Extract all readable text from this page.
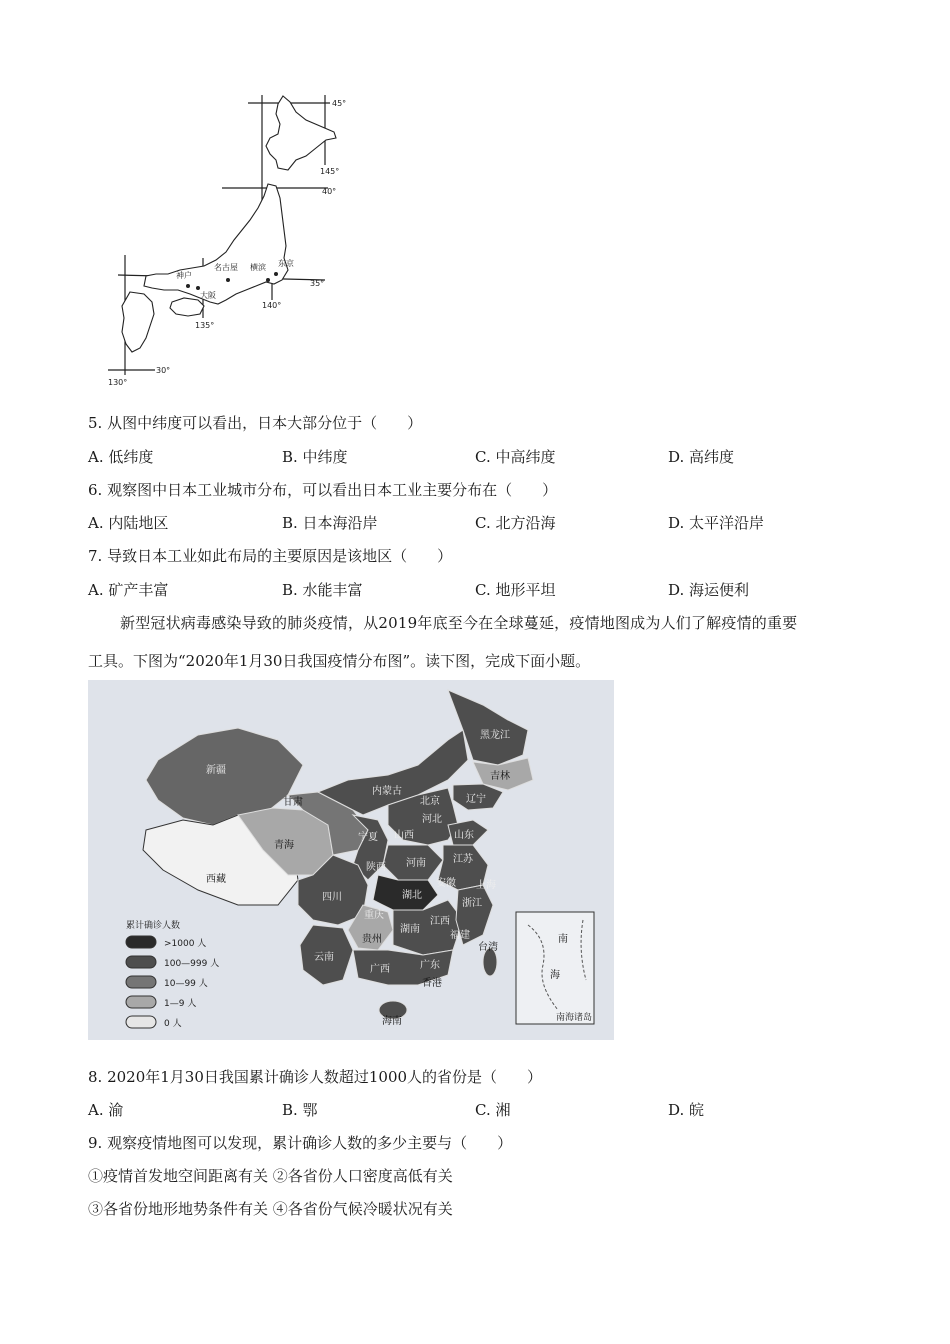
45°
145°
40°
35°
140°
135°
30°
130°
东京
横滨
名古屋
神户
大阪
5. 从图中纬度可以看出，日本大部分位于（　　）
A. 低纬度	B. 中纬度	C. 中高纬度	D. 高纬度
6. 观察图中日本工业城市分布，可以看出日本工业主要分布在（　　）
A. 内陆地区	B. 日本海沿岸	C. 北方沿海	D. 太平洋沿岸
7. 导致日本工业如此布局的主要原因是该地区（　　）
A. 矿产丰富	B. 水能丰富	C. 地形平坦	D. 海运便利
新型冠状病毒感染导致的肺炎疫情，从2019年底至今在全球蔓延，疫情地图成为人们了解疫情的重要
工具。下图为“2020年1月30日我国疫情分布图”。读下图，完成下面小题。
新疆
西藏
青海
甘肃
内蒙古
黑龙江
吉林
辽宁
北京
河北
山西	山东
宁夏
陕西 河南	江苏
上海
安徽
湖北
浙江
四川
重庆
贵州
湖南
江西
福建
云南
广西	广东
香港
海南
台湾
南
海
南海诸岛
累计确诊人数
>1000 人
100—999 人
10—99 人
1—9 人
0 人
8. 2020年1月30日我国累计确诊人数超过1000人的省份是（　　）
A. 渝	B. 鄂	C. 湘	D. 皖
9. 观察疫情地图可以发现，累计确诊人数的多少主要与（　　）
①疫情首发地空间距离有关 ②各省份人口密度高低有关
③各省份地形地势条件有关 ④各省份气候冷暖状况有关
